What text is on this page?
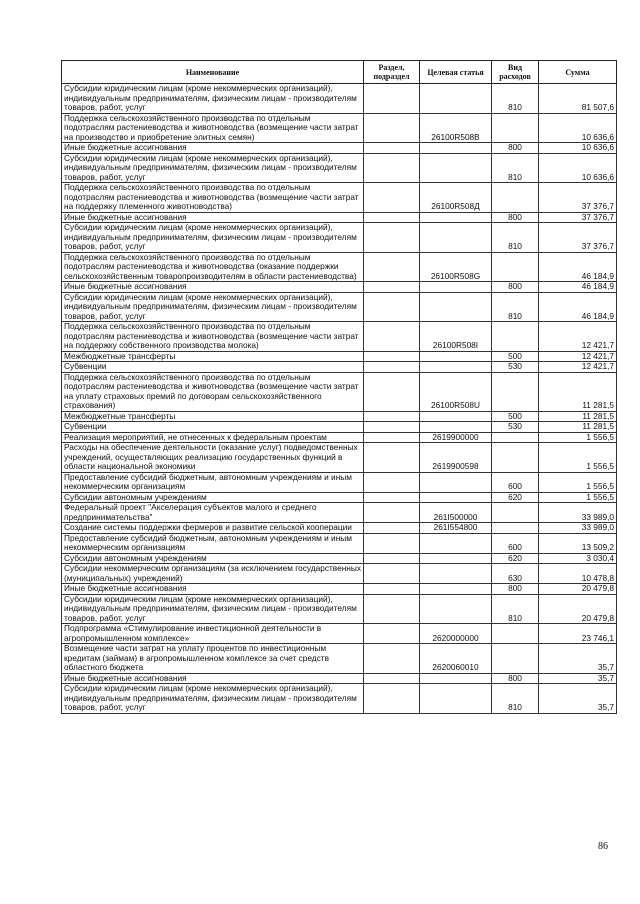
Наименование	Раздел, подраздел	Целевая статья	Вид расходов	Сумма
Субсидии юридическим лицам (кроме некоммерческих организаций), индивидуальным предпринимателям, физическим лицам - производителям товаров, работ, услуг			810	81 507,6
Поддержка сельскохозяйственного производства по отдельным подотраслям растениеводства и животноводства (возмещение части затрат на производство и приобретение элитных семян)		26100R508B		10 636,6
Иные бюджетные ассигнования			800	10 636,6
Субсидии юридическим лицам (кроме некоммерческих организаций), индивидуальным предпринимателям, физическим лицам - производителям товаров, работ, услуг			810	10 636,6
Поддержка сельскохозяйственного производства по отдельным подотраслям растениеводства и животноводства (возмещение части затрат на поддержку племенного животноводства)		26100R508Д		37 376,7
Иные бюджетные ассигнования			800	37 376,7
Субсидии юридическим лицам (кроме некоммерческих организаций), индивидуальным предпринимателям, физическим лицам - производителям товаров, работ, услуг			810	37 376,7
Поддержка сельскохозяйственного производства по отдельным подотраслям растениеводства и животноводства (оказание поддержки сельскохозяйственным товаропроизводителям в области растениеводства)		26100R508G		46 184,9
Иные бюджетные ассигнования			800	46 184,9
Субсидии юридическим лицам (кроме некоммерческих организаций), индивидуальным предпринимателям, физическим лицам - производителям товаров, работ, услуг			810	46 184,9
Поддержка сельскохозяйственного производства по отдельным подотраслям растениеводства и животноводства (возмещение части затрат на поддержку собственного производства молока)		26100R508I		12 421,7
Межбюджетные трансферты			500	12 421,7
Субвенции			530	12 421,7
Поддержка сельскохозяйственного производства по отдельным подотраслям растениеводства и животноводства (возмещение части затрат на уплату страховых премий по договорам сельскохозяйственного страхования)		26100R508U		11 281,5
Межбюджетные трансферты			500	11 281,5
Субвенции			530	11 281,5
Реализация мероприятий, не отнесенных к федеральным проектам		2619900000		1 556,5
Расходы на обеспечение деятельности (оказание услуг) подведомственных учреждений, осуществляющих реализацию государственных функций в области национальной экономики		2619900598		1 556,5
Предоставление субсидий бюджетным, автономным учреждениям и иным некоммерческим организациям			600	1 556,5
Субсидии автономным учреждениям			620	1 556,5
Федеральный проект "Акселерация субъектов малого и среднего предпринимательства"		261I500000		33 989,0
Создание системы поддержки фермеров и развитие сельской кооперации		261I554800		33 989,0
Предоставление субсидий бюджетным, автономным учреждениям и иным некоммерческим организациям			600	13 509,2
Субсидии автономным учреждениям			620	3 030,4
Субсидии некоммерческим организациям (за исключением государственных (муниципальных) учреждений)			630	10 478,8
Иные бюджетные ассигнования			800	20 479,8
Субсидии юридическим лицам (кроме некоммерческих организаций), индивидуальным предпринимателям, физическим лицам - производителям товаров, работ, услуг			810	20 479,8
Подпрограмма «Стимулирование инвестиционной деятельности в агропромышленном комплексе»		2620000000		23 746,1
Возмещение части затрат на уплату процентов по инвестиционным кредитам (займам) в агропромышленном комплексе за счет средств областного бюджета		2620060010		35,7
Иные бюджетные ассигнования			800	35,7
Субсидии юридическим лицам (кроме некоммерческих организаций), индивидуальным предпринимателям, физическим лицам - производителям товаров, работ, услуг			810	35,7
86
